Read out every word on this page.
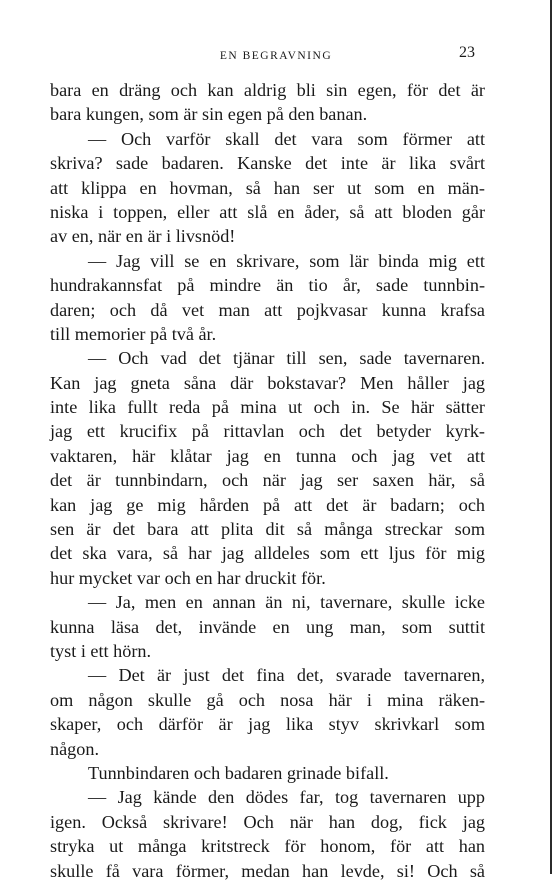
EN BEGRAVNING	23
bara en dräng och kan aldrig bli sin egen, för det är
bara kungen, som är sin egen på den banan.
— Och varför skall det vara som förmer att
skriva? sade badaren. Kanske det inte är lika svårt
att klippa en hovman, så han ser ut som en män-
niska i toppen, eller att slå en åder, så att bloden går
av en, när en är i livsnöd!
— Jag vill se en skrivare, som lär binda mig ett
hundrakannsfat på mindre än tio år, sade tunnbin-
daren; och då vet man att pojkvasar kunna krafsa
till memorier på två år.
— Och vad det tjänar till sen, sade tavernaren.
Kan jag gneta såna där bokstavar? Men håller jag
inte lika fullt reda på mina ut och in. Se här sätter
jag ett krucifix på rittavlan och det betyder kyrk-
vaktaren, här klåtar jag en tunna och jag vet att
det är tunnbindarn, och när jag ser saxen här, så
kan jag ge mig hården på att det är badarn; och
sen är det bara att plita dit så många streckar som
det ska vara, så har jag alldeles som ett ljus för mig
hur mycket var och en har druckit för.
— Ja, men en annan än ni, tavernare, skulle icke
kunna läsa det, invände en ung man, som suttit
tyst i ett hörn.
— Det är just det fina det, svarade tavernaren,
om någon skulle gå och nosa här i mina räken-
skaper, och därför är jag lika styv skrivkarl som
någon.
Tunnbindaren och badaren grinade bifall.
— Jag kände den dödes far, tog tavernaren upp
igen. Också skrivare! Och när han dog, fick jag
stryka ut många kritstreck för honom, för att han
skulle få vara förmer, medan han levde, si! Och så
